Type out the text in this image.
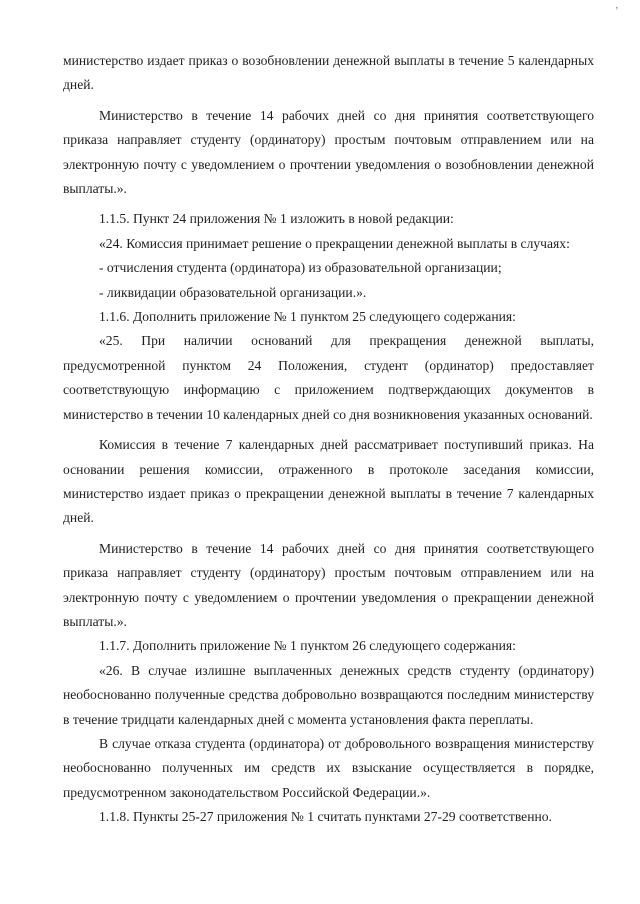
,

министерство издает приказ о возобновлении денежной выплаты в течение 5 календарных дней.

Министерство в течение 14 рабочих дней со дня принятия соответствующего приказа направляет студенту (ординатору) простым почтовым отправлением или на электронную почту с уведомлением о прочтении уведомления о возобновлении денежной выплаты.».

1.1.5. Пункт 24 приложения № 1 изложить в новой редакции:

«24. Комиссия принимает решение о прекращении денежной выплаты в случаях:

- отчисления студента (ординатора) из образовательной организации;

- ликвидации образовательной организации.».

1.1.6. Дополнить приложение № 1 пунктом 25 следующего содержания:

«25. При наличии оснований для прекращения денежной выплаты, предусмотренной пунктом 24 Положения, студент (ординатор) предоставляет соответствующую информацию с приложением подтверждающих документов в министерство в течении 10 календарных дней со дня возникновения указанных оснований.

Комиссия в течение 7 календарных дней рассматривает поступивший приказ. На основании решения комиссии, отраженного в протоколе заседания комиссии, министерство издает приказ о прекращении денежной выплаты в течение 7 календарных дней.

Министерство в течение 14 рабочих дней со дня принятия соответствующего приказа направляет студенту (ординатору) простым почтовым отправлением или на электронную почту с уведомлением о прочтении уведомления о прекращении денежной выплаты.».

1.1.7. Дополнить приложение № 1 пунктом 26 следующего содержания:

«26. В случае излишне выплаченных денежных средств студенту (ординатору) необоснованно полученные средства добровольно возвращаются последним министерству в течение тридцати календарных дней с момента установления факта переплаты.

В случае отказа студента (ординатора) от добровольного возвращения министерству необоснованно полученных им средств их взыскание осуществляется в порядке, предусмотренном законодательством Российской Федерации.».

1.1.8. Пункты 25-27 приложения № 1 считать пунктами 27-29 соответственно.
